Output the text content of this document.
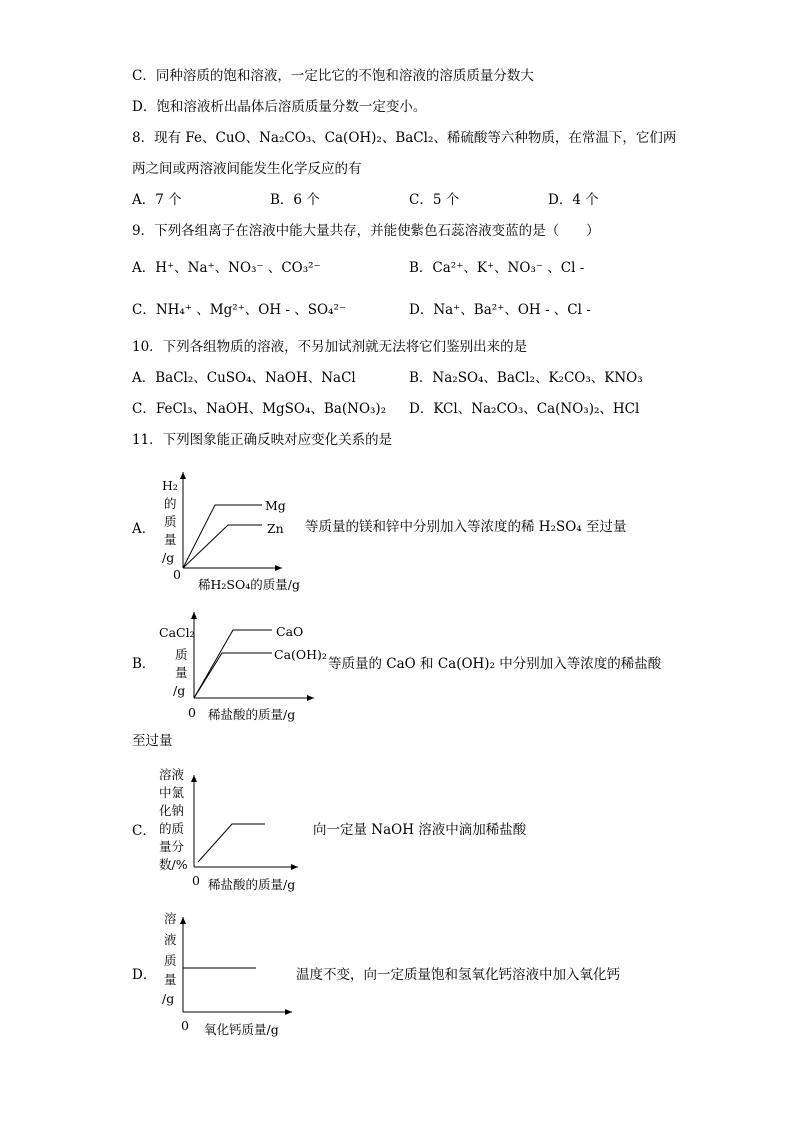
C．同种溶质的饱和溶液，一定比它的不饱和溶液的溶质质量分数大
D．饱和溶液析出晶体后溶质质量分数一定变小。
8．现有 Fe、CuO、Na₂CO₃、Ca(OH)₂、BaCl₂、稀硫酸等六种物质，在常温下，它们两
两之间或两溶液间能发生化学反应的有
A．7 个	B．6 个	C．5 个	D．4 个
9．下列各组离子在溶液中能大量共存，并能使紫色石蕊溶液变蓝的是（　　）
A．H⁺、Na⁺、NO₃⁻ 、CO₃²⁻	B．Ca²⁺、K⁺、NO₃⁻ 、Cl -
C．NH₄⁺ 、Mg²⁺、OH - 、SO₄²⁻	D．Na⁺、Ba²⁺、OH - 、Cl -
10．下列各组物质的溶液，不另加试剂就无法将它们鉴别出来的是
A．BaCl₂、CuSO₄、NaOH、NaCl	B．Na₂SO₄、BaCl₂、K₂CO₃、KNO₃
C．FeCl₃、NaOH、MgSO₄、Ba(NO₃)₂ D．KCl、Na₂CO₃、Ca(NO₃)₂、HCl
11．下列图象能正确反映对应变化关系的是
A．	等质量的镁和锌中分别加入等浓度的稀 H₂SO₄ 至过量
B．	等质量的 CaO 和 Ca(OH)₂ 中分别加入等浓度的稀盐酸
至过量
C．	向一定量 NaOH 溶液中滴加稀盐酸
D．	温度不变，向一定质量饱和氢氧化钙溶液中加入氧化钙
H₂
的
质
量
/g
0
稀H₂SO₄的质量/g
Mg
Zn
CaCl₂
质
量
/g
0 稀盐酸的质量/g
CaO
Ca(OH)₂
溶液
中氯
化钠
的质
量分
数/%
0 稀盐酸的质量/g
溶
液
质
量
/g
0 氧化钙质量/g
